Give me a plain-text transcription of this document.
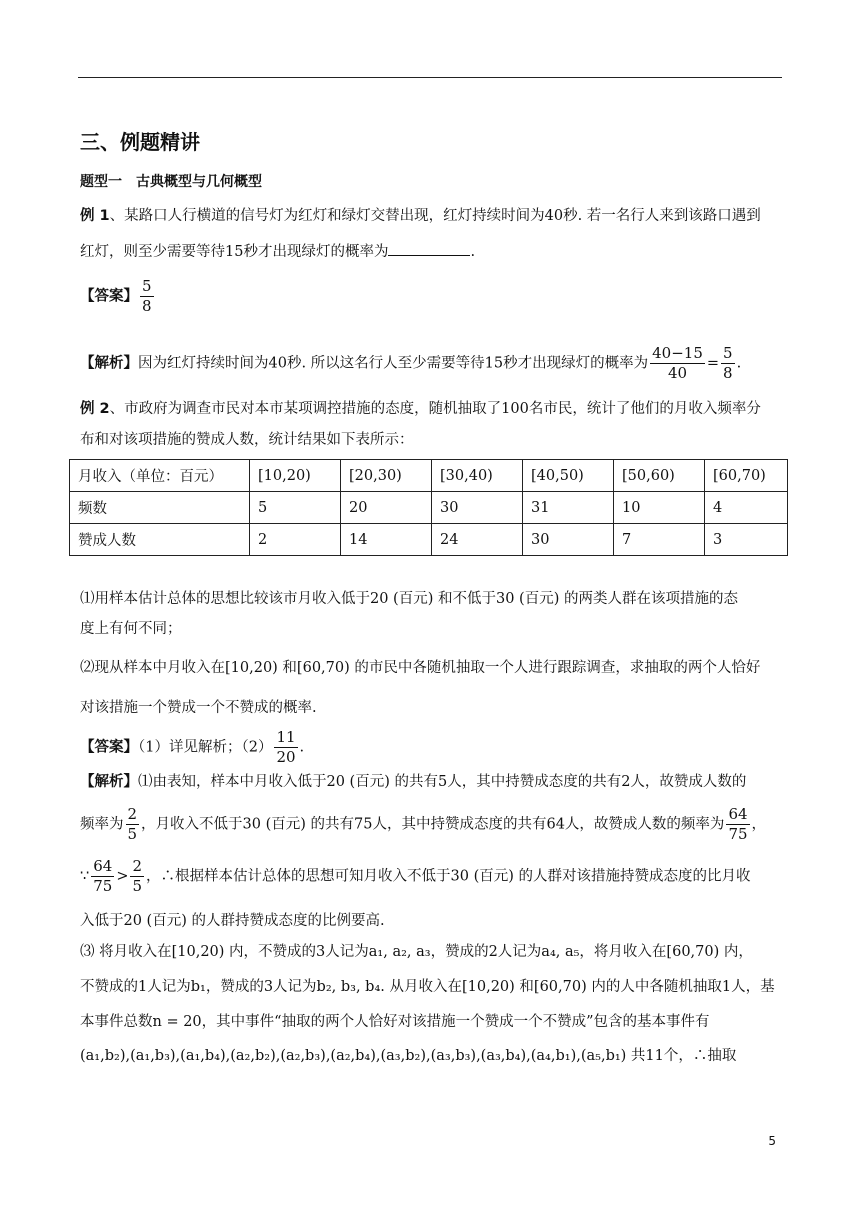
三、例题精讲
题型一　古典概型与几何概型
例 1、某路口人行横道的信号灯为红灯和绿灯交替出现，红灯持续时间为40秒. 若一名行人来到该路口遇到
红灯，则至少需要等待15秒才出现绿灯的概率为	.
【答案】 $\frac{5}{8}$
【解析】因为红灯持续时间为40秒. 所以这名行人至少需要等待15秒才出现绿灯的概率为 $\frac{40-15}{40} = \frac{5}{8}$ .
例 2、市政府为调查市民对本市某项调控措施的态度，随机抽取了100名市民，统计了他们的月收入频率分
布和对该项措施的赞成人数，统计结果如下表所示：
月收入（单位：百元）	[10,20)	[20,30)	[30,40)	[40,50)	[50,60)	[60,70)
频数	5	20	30	31	10	4
赞成人数	2	14	24	30	7	3
⑴用样本估计总体的思想比较该市月收入低于20 (百元) 和不低于30 (百元) 的两类人群在该项措施的态
度上有何不同；
⑵现从样本中月收入在[10,20) 和[60,70) 的市民中各随机抽取一个人进行跟踪调查，求抽取的两个人恰好
对该措施一个赞成一个不赞成的概率.
【答案】（1）详见解析；$(2) \frac{11}{20}$ .
【解析】⑴由表知，样本中月收入低于20 (百元) 的共有5人，其中持赞成态度的共有2人，故赞成人数的
频率为 $\frac{2}{5}$ ，月收入不低于30 (百元) 的共有75人，其中持赞成态度的共有64人，故赞成人数的频率为 $\frac{64}{75}$ ，
∵ $\frac{64}{75} > \frac{2}{5}$ ，∴根据样本估计总体的思想可知月收入不低于30 (百元) 的人群对该措施持赞成态度的比月收
入低于20 (百元) 的人群持赞成态度的比例要高.
⑶ 将月收入在[10,20) 内，不赞成的3人记为a₁, a₂, a₃，赞成的2人记为a₄, a₅，将月收入在[60,70) 内，
不赞成的1人记为b₁，赞成的3人记为b₂, b₃, b₄. 从月收入在[10,20) 和[60,70) 内的人中各随机抽取1人，基
本事件总数n = 20，其中事件“抽取的两个人恰好对该措施一个赞成一个不赞成”包含的基本事件有
(a₁,b₂),(a₁,b₃),(a₁,b₄),(a₂,b₂),(a₂,b₃),(a₂,b₄),(a₃,b₂),(a₃,b₃),(a₃,b₄),(a₄,b₁),(a₅,b₁) 共11个，∴抽取
5
